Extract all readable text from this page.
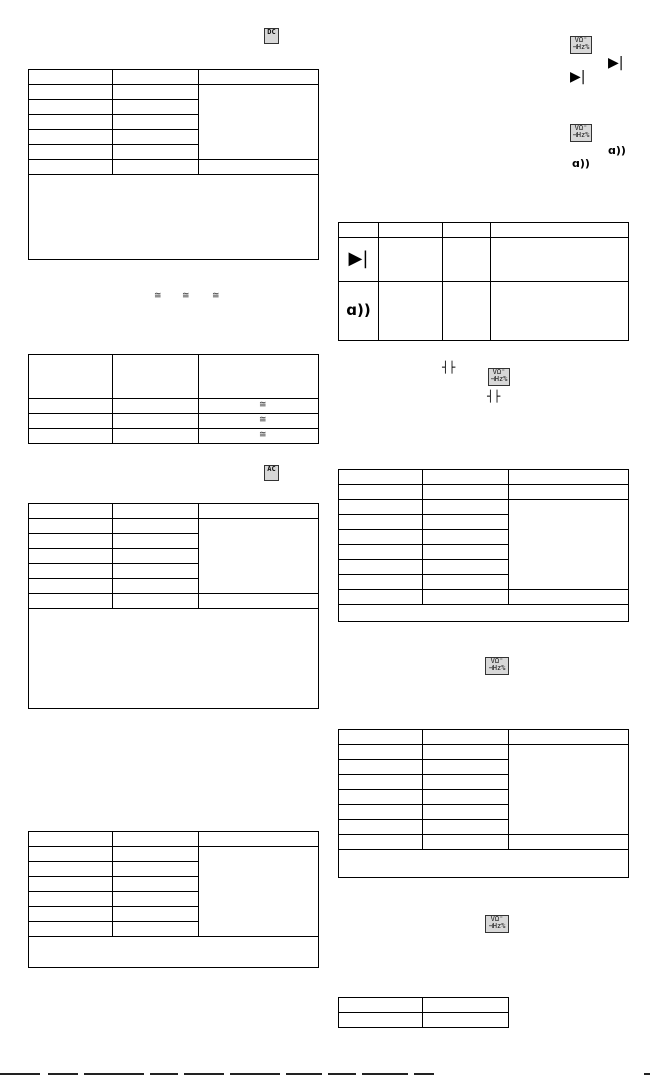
DC

≅ ≅ ≅

		≅

		≅

		≅
AC

VΩ⁼
⊣Hz%
▶|
▶|
VΩ⁼
⊣Hz%
ɑ))
ɑ))

▶|			
ɑ))			
┤├	VΩ⁼
⊣Hz%
┤├

VΩ⁼
⊣Hz%

VΩ⁼
⊣Hz%
